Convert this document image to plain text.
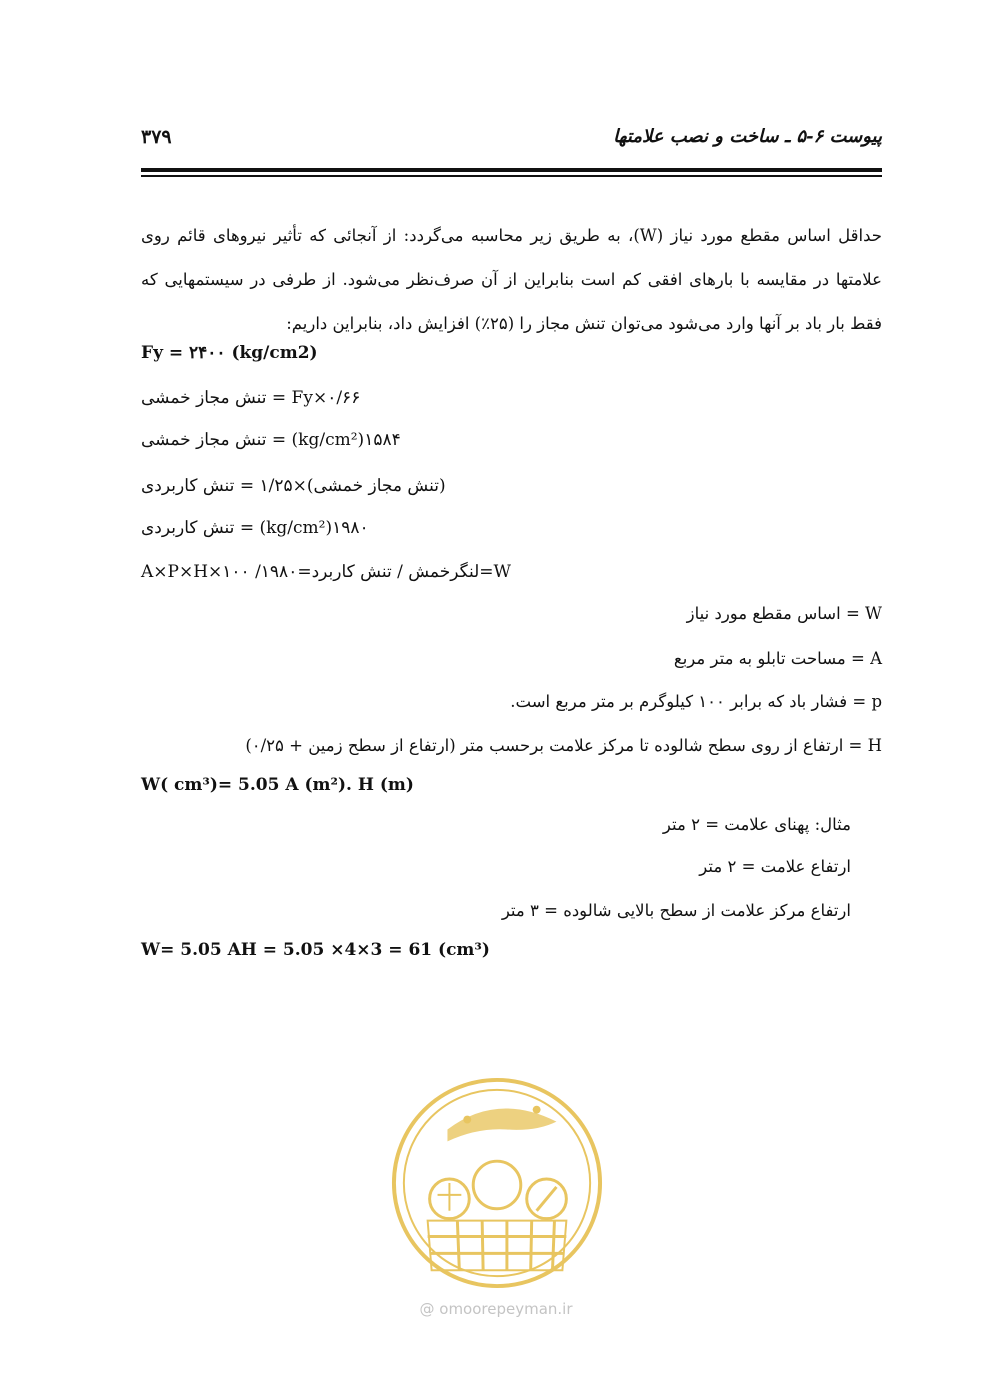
۳۷۹	پیوست ۶-۵ ـ ساخت و نصب علامتها
حداقل اساس مقطع مورد نیاز (W)، به طریق زیر محاسبه می‌گردد: از آنجائی که تأثیر نیروهای قائم روی علامتها در مقایسه با بارهای افقی کم است بنابراین از آن صرف‌نظر می‌شود. از طرفی در سیستمهایی که فقط بار باد بر آنها وارد می‌شود می‌توان تنش مجاز را (۲۵٪) افزایش داد، بنابراین داریم:
Fy = ۲۴۰۰ (kg/cm2)
۰/۶۶×Fy = تنش مجاز خمشی
۱۵۸۴(kg/cm²) = تنش مجاز خمشی
(تنش مجاز خمشی)×۱/۲۵ = تنش کاربردی
۱۹۸۰(kg/cm²) = تنش کاربردی
W=لنگرخمش / تنش کاربرد=A×P×H×۱۰۰ /۱۹۸۰
W = اساس مقطع مورد نیاز
A = مساحت تابلو به متر مربع
p = فشار باد که برابر ۱۰۰ کیلوگرم بر متر مربع است.
H = ارتفاع از روی سطح شالوده تا مرکز علامت برحسب متر (ارتفاع از سطح زمین + ۰/۲۵)
W( cm³)= 5.05 A (m²). H (m)
مثال: پهنای علامت = ۲ متر
ارتفاع علامت = ۲ متر
ارتفاع مرکز علامت از سطح بالایی شالوده = ۳ متر
W= 5.05 AH = 5.05 ×4×3 = 61 (cm³)
@ omoorepeyman.ir
